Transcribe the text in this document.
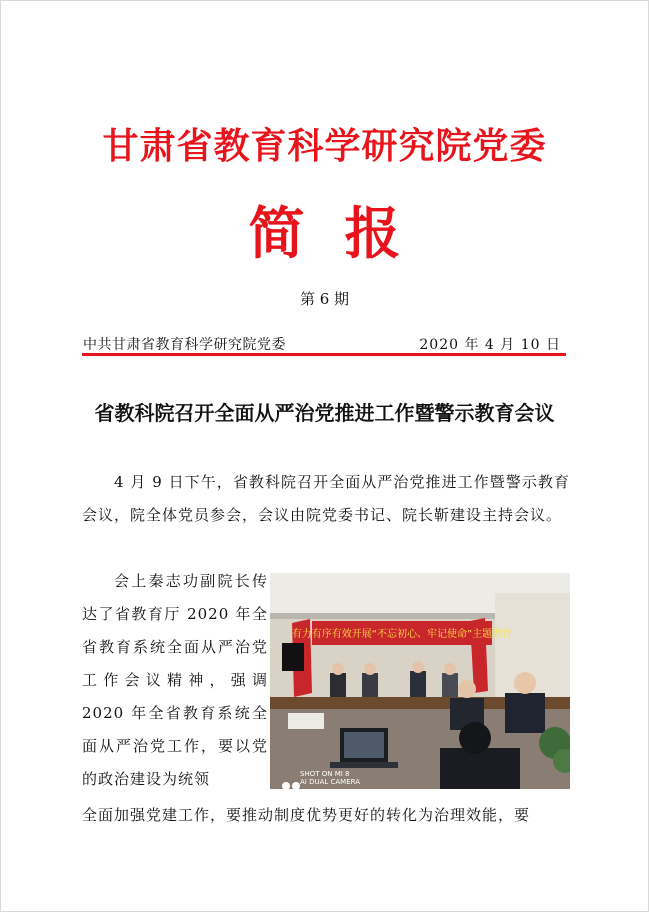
甘肃省教育科学研究院党委
简报
第 6 期
中共甘肃省教育科学研究院党委	2020 年 4 月 10 日
省教科院召开全面从严治党推进工作暨警示教育会议
4 月 9 日下午，省教科院召开全面从严治党推进工作暨警示教育会议，院全体党员参会，会议由院党委书记、院长靳建设主持会议。
会上秦志功副院长传达了省教育厅 2020 年全省教育系统全面从严治党工作会议精神，强调 2020 年全省教育系统全面从严治党工作，要以党的政治建设为统领
全面加强党建工作，要推动制度优势更好的转化为治理效能，要
有力有序有效开展“不忘初心、牢记使命”主题教育
SHOT ON MI 8
AI DUAL CAMERA
